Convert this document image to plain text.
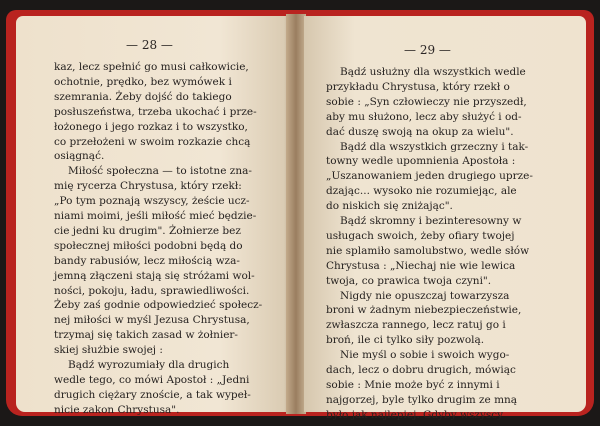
— 28 —
kaz, lecz spełnić go musi całkowicie,
ochotnie, prędko, bez wymówek i
szemrania. Żeby dojść do takiego
posłuszeństwa, trzeba ukochać i prze-
łożonego i jego rozkaz i to wszystko,
co przełożeni w swoim rozkazie chcą
osiągnąć.
Miłość społeczna — to istotne zna-
mię rycerza Chrystusa, który rzekł:
„Po tym poznają wszyscy, żeście ucz-
niami moimi, jeśli miłość mieć będzie-
cie jedni ku drugim". Żołnierze bez
społecznej miłości podobni będą do
bandy rabusiów, lecz miłością wza-
jemną złączeni stają się stróżami wol-
ności, pokoju, ładu, sprawiedliwości.
Żeby zaś godnie odpowiedzieć społecz-
nej miłości w myśl Jezusa Chrystusa,
trzymaj się takich zasad w żołnier-
skiej służbie swojej :
Bądź wyrozumiały dla drugich
wedle tego, co mówi Apostoł : „Jedni
drugich ciężary znoście, a tak wypeł-
nicie zakon Chrystusa".
— 29 —
Bądź usłużny dla wszystkich wedle
przykładu Chrystusa, który rzekł o
sobie : „Syn człowieczy nie przyszedł,
aby mu służono, lecz aby służyć i od-
dać duszę swoją na okup za wielu".
Bądź dla wszystkich grzeczny i tak-
towny wedle upomnienia Apostoła :
„Uszanowaniem jeden drugiego uprze-
dzając... wysoko nie rozumiejąc, ale
do niskich się zniżając".
Bądź skromny i bezinteresowny w
usługach swoich, żeby ofiary twojej
nie splamiło samolubstwo, wedle słów
Chrystusa : „Niechaj nie wie lewica
twoja, co prawica twoja czyni".
Nigdy nie opuszczaj towarzysza
broni w żadnym niebezpieczeństwie,
zwłaszcza rannego, lecz ratuj go i
broń, ile ci tylko siły pozwolą.
Nie myśl o sobie i swoich wygo-
dach, lecz o dobru drugich, mówiąc
sobie : Mnie może być z innymi i
najgorzej, byle tylko drugim ze mną
było jak najlepiej. Gdyby wszyscy
